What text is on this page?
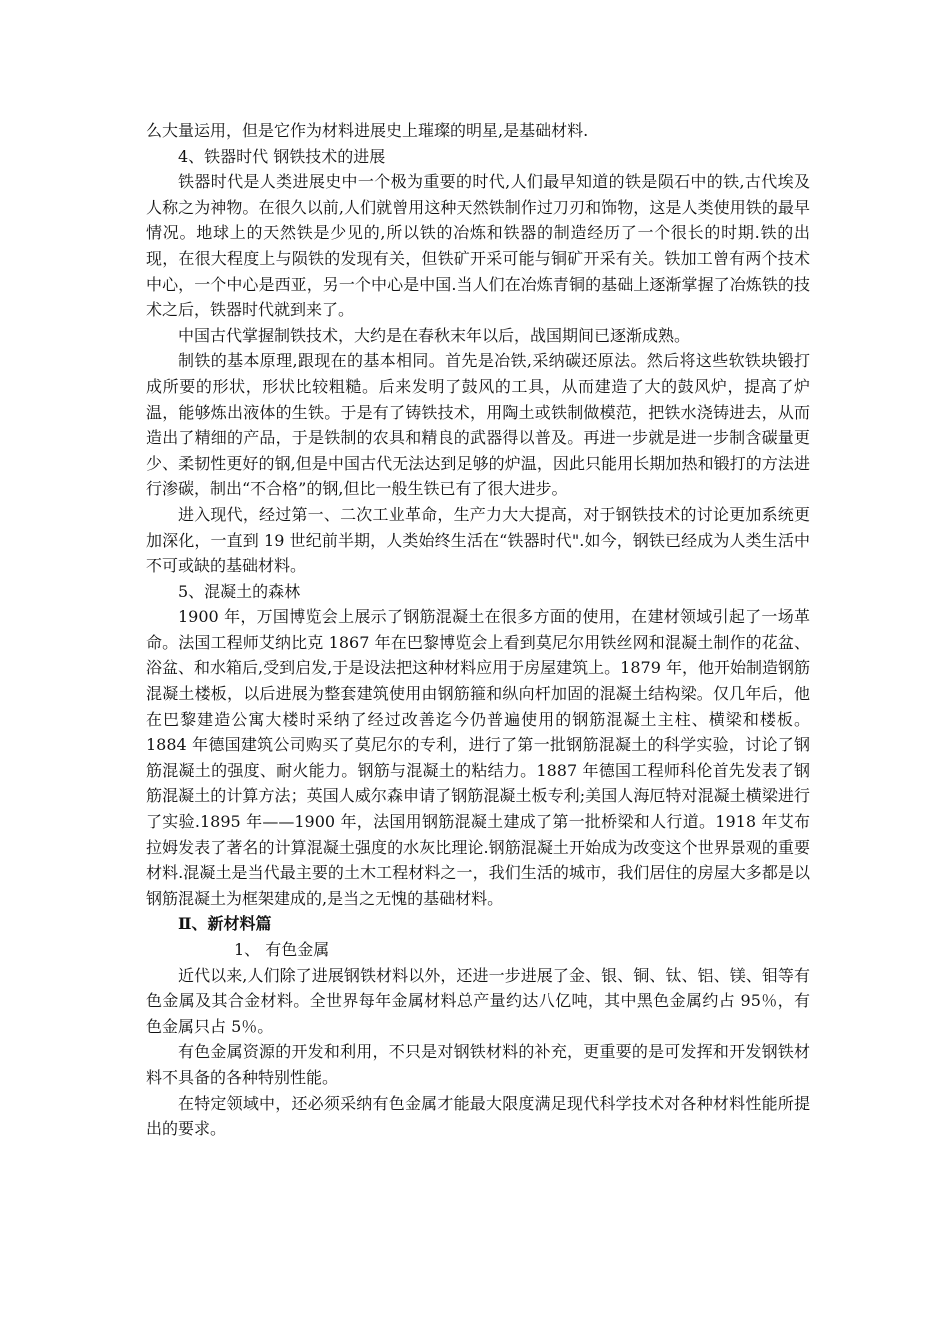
么大量运用，但是它作为材料进展史上璀璨的明星,是基础材料.

4、铁器时代 钢铁技术的进展

铁器时代是人类进展史中一个极为重要的时代,人们最早知道的铁是陨石中的铁,古代埃及人称之为神物。在很久以前,人们就曾用这种天然铁制作过刀刃和饰物，这是人类使用铁的最早情况。地球上的天然铁是少见的,所以铁的冶炼和铁器的制造经历了一个很长的时期.铁的出现，在很大程度上与陨铁的发现有关，但铁矿开采可能与铜矿开采有关。铁加工曾有两个技术中心，一个中心是西亚，另一个中心是中国.当人们在冶炼青铜的基础上逐渐掌握了冶炼铁的技术之后，铁器时代就到来了。

中国古代掌握制铁技术，大约是在春秋末年以后，战国期间已逐渐成熟。

制铁的基本原理,跟现在的基本相同。首先是冶铁,采纳碳还原法。然后将这些软铁块锻打成所要的形状，形状比较粗糙。后来发明了鼓风的工具，从而建造了大的鼓风炉，提高了炉温，能够炼出液体的生铁。于是有了铸铁技术，用陶土或铁制做模范，把铁水浇铸进去，从而造出了精细的产品，于是铁制的农具和精良的武器得以普及。再进一步就是进一步制含碳量更少、柔韧性更好的钢,但是中国古代无法达到足够的炉温，因此只能用长期加热和锻打的方法进行渗碳，制出“不合格”的钢,但比一般生铁已有了很大进步。

进入现代，经过第一、二次工业革命，生产力大大提高，对于钢铁技术的讨论更加系统更加深化，一直到 19 世纪前半期，人类始终生活在“铁器时代".如今，钢铁已经成为人类生活中不可或缺的基础材料。

5、混凝土的森林

1900 年，万国博览会上展示了钢筋混凝土在很多方面的使用，在建材领域引起了一场革命。法国工程师艾纳比克 1867 年在巴黎博览会上看到莫尼尔用铁丝网和混凝土制作的花盆、浴盆、和水箱后,受到启发,于是设法把这种材料应用于房屋建筑上。1879 年，他开始制造钢筋混凝土楼板，以后进展为整套建筑使用由钢筋箍和纵向杆加固的混凝土结构梁。仅几年后，他在巴黎建造公寓大楼时采纳了经过改善迄今仍普遍使用的钢筋混凝土主柱、横梁和楼板。1884 年德国建筑公司购买了莫尼尔的专利，进行了第一批钢筋混凝土的科学实验，讨论了钢筋混凝土的强度、耐火能力。钢筋与混凝土的粘结力。1887 年德国工程师科伦首先发表了钢筋混凝土的计算方法；英国人威尔森申请了钢筋混凝土板专利;美国人海厄特对混凝土横梁进行了实验.1895 年——1900 年，法国用钢筋混凝土建成了第一批桥梁和人行道。1918 年艾布拉姆发表了著名的计算混凝土强度的水灰比理论.钢筋混凝土开始成为改变这个世界景观的重要材料.混凝土是当代最主要的土木工程材料之一，我们生活的城市，我们居住的房屋大多都是以钢筋混凝土为框架建成的,是当之无愧的基础材料。

Ⅱ、新材料篇

1、 有色金属

近代以来,人们除了进展钢铁材料以外，还进一步进展了金、银、铜、钛、铝、镁、钼等有色金属及其合金材料。全世界每年金属材料总产量约达八亿吨，其中黑色金属约占 95％，有色金属只占 5％。

有色金属资源的开发和利用，不只是对钢铁材料的补充，更重要的是可发挥和开发钢铁材料不具备的各种特别性能。

在特定领域中，还必须采纳有色金属才能最大限度满足现代科学技术对各种材料性能所提出的要求。
